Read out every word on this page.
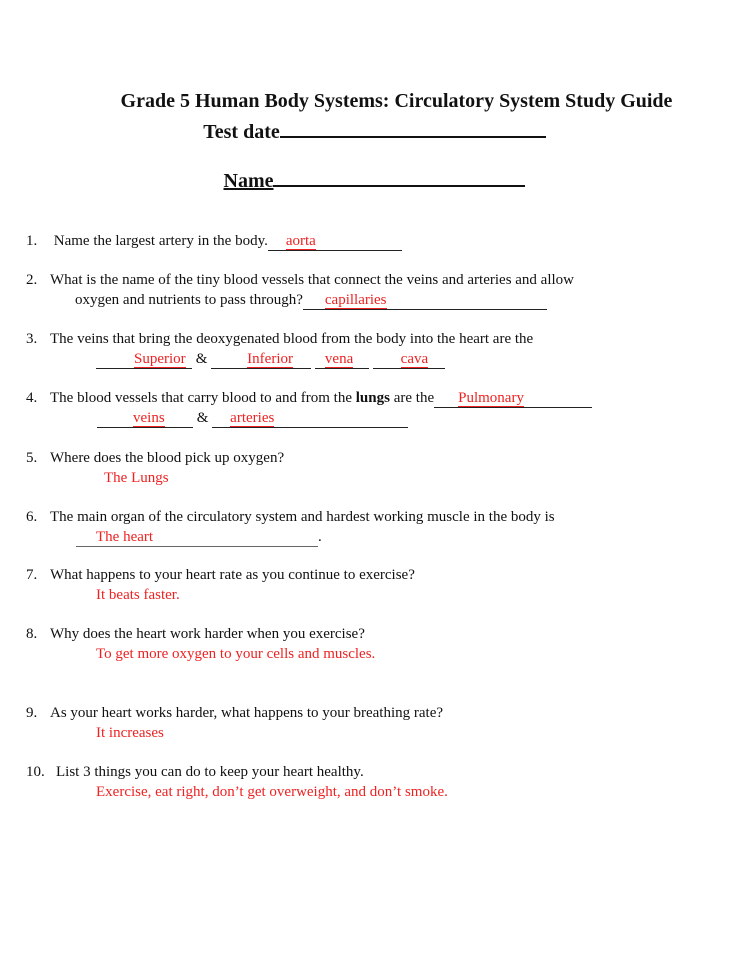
Grade 5 Human Body Systems: Circulatory System Study Guide
Test date
Name
1. Name the largest artery in the body. aorta
2. What is the name of the tiny blood vessels that connect the veins and arteries and allow
oxygen and nutrients to pass through? capillaries
3. The veins that bring the deoxygenated blood from the body into the heart are the
Superior &	Inferior vena	cava
4. The blood vessels that carry blood to and from the lungs are the Pulmonary
veins & arteries
5. Where does the blood pick up oxygen?
The Lungs
6. The main organ of the circulatory system and hardest working muscle in the body is
The heart	.
7. What happens to your heart rate as you continue to exercise?
It beats faster.
8. Why does the heart work harder when you exercise?
To get more oxygen to your cells and muscles.
9. As your heart works harder, what happens to your breathing rate?
It increases
10. List 3 things you can do to keep your heart healthy.
Exercise, eat right, don’t get overweight, and don’t smoke.
